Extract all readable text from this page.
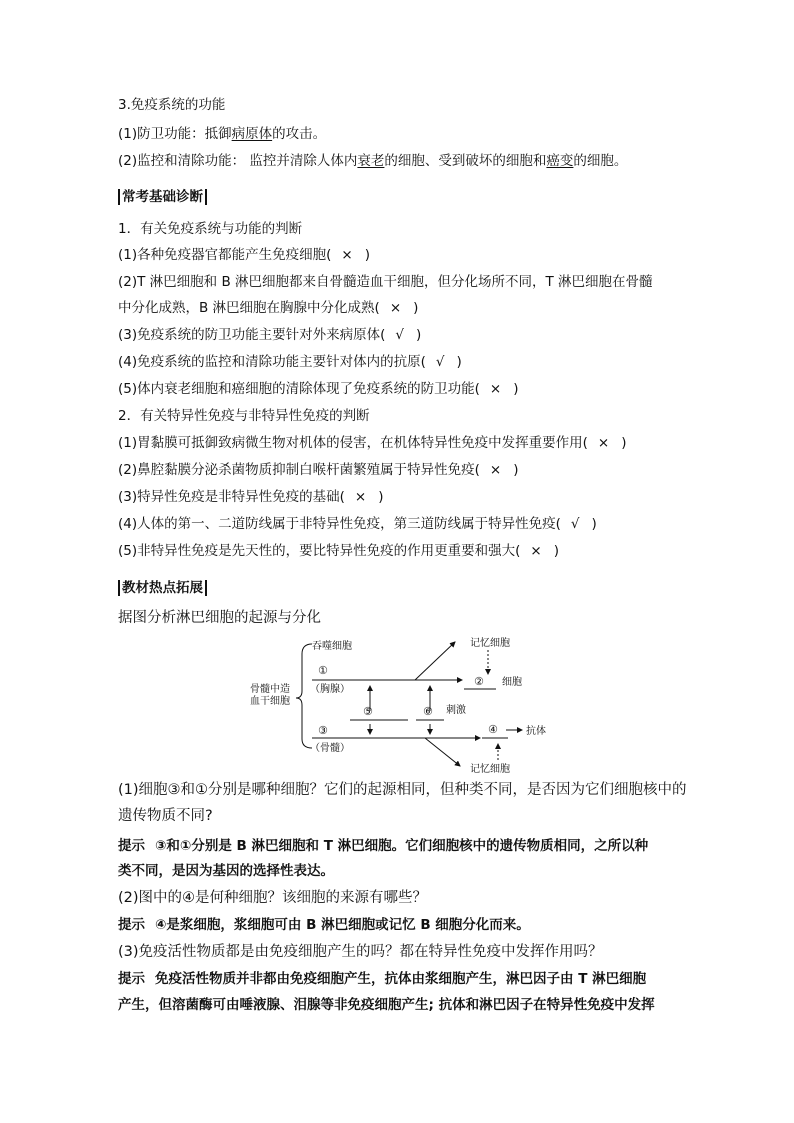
3.免疫系统的功能
(1)防卫功能：抵御病原体的攻击。
(2)监控和清除功能： 监控并清除人体内衰老的细胞、受到破坏的细胞和癌变的细胞。
常考基础诊断
1．有关免疫系统与功能的判断
(1)各种免疫器官都能产生免疫细胞( × )
(2)T 淋巴细胞和 B 淋巴细胞都来自骨髓造血干细胞，但分化场所不同，T 淋巴细胞在骨髓
中分化成熟，B 淋巴细胞在胸腺中分化成熟( × )
(3)免疫系统的防卫功能主要针对外来病原体( √ )
(4)免疫系统的监控和清除功能主要针对体内的抗原( √ )
(5)体内衰老细胞和癌细胞的清除体现了免疫系统的防卫功能( × )
2．有关特异性免疫与非特异性免疫的判断
(1)胃黏膜可抵御致病微生物对机体的侵害，在机体特异性免疫中发挥重要作用( × )
(2)鼻腔黏膜分泌杀菌物质抑制白喉杆菌繁殖属于特异性免疫( × )
(3)特异性免疫是非特异性免疫的基础( × )
(4)人体的第一、二道防线属于非特异性免疫，第三道防线属于特异性免疫( √ )
(5)非特异性免疫是先天性的，要比特异性免疫的作用更重要和强大( × )
教材热点拓展
据图分析淋巴细胞的起源与分化
骨髓中造
血干细胞
吞噬细胞
①
（胸腺）
记忆细胞
② 细胞
⑤	⑥ 刺激
③
（骨髓）
④	抗体
记忆细胞
(1)细胞③和①分别是哪种细胞？它们的起源相同，但种类不同，是否因为它们细胞核中的
遗传物质不同?
提示 ③和①分别是 B 淋巴细胞和 T 淋巴细胞。它们细胞核中的遗传物质相同，之所以种
类不同，是因为基因的选择性表达。
(2)图中的④是何种细胞？该细胞的来源有哪些？
提示 ④是浆细胞，浆细胞可由 B 淋巴细胞或记忆 B 细胞分化而来。
(3)免疫活性物质都是由免疫细胞产生的吗？都在特异性免疫中发挥作用吗？
提示 免疫活性物质并非都由免疫细胞产生，抗体由浆细胞产生，淋巴因子由 T 淋巴细胞
产生，但溶菌酶可由唾液腺、泪腺等非免疫细胞产生; 抗体和淋巴因子在特异性免疫中发挥
